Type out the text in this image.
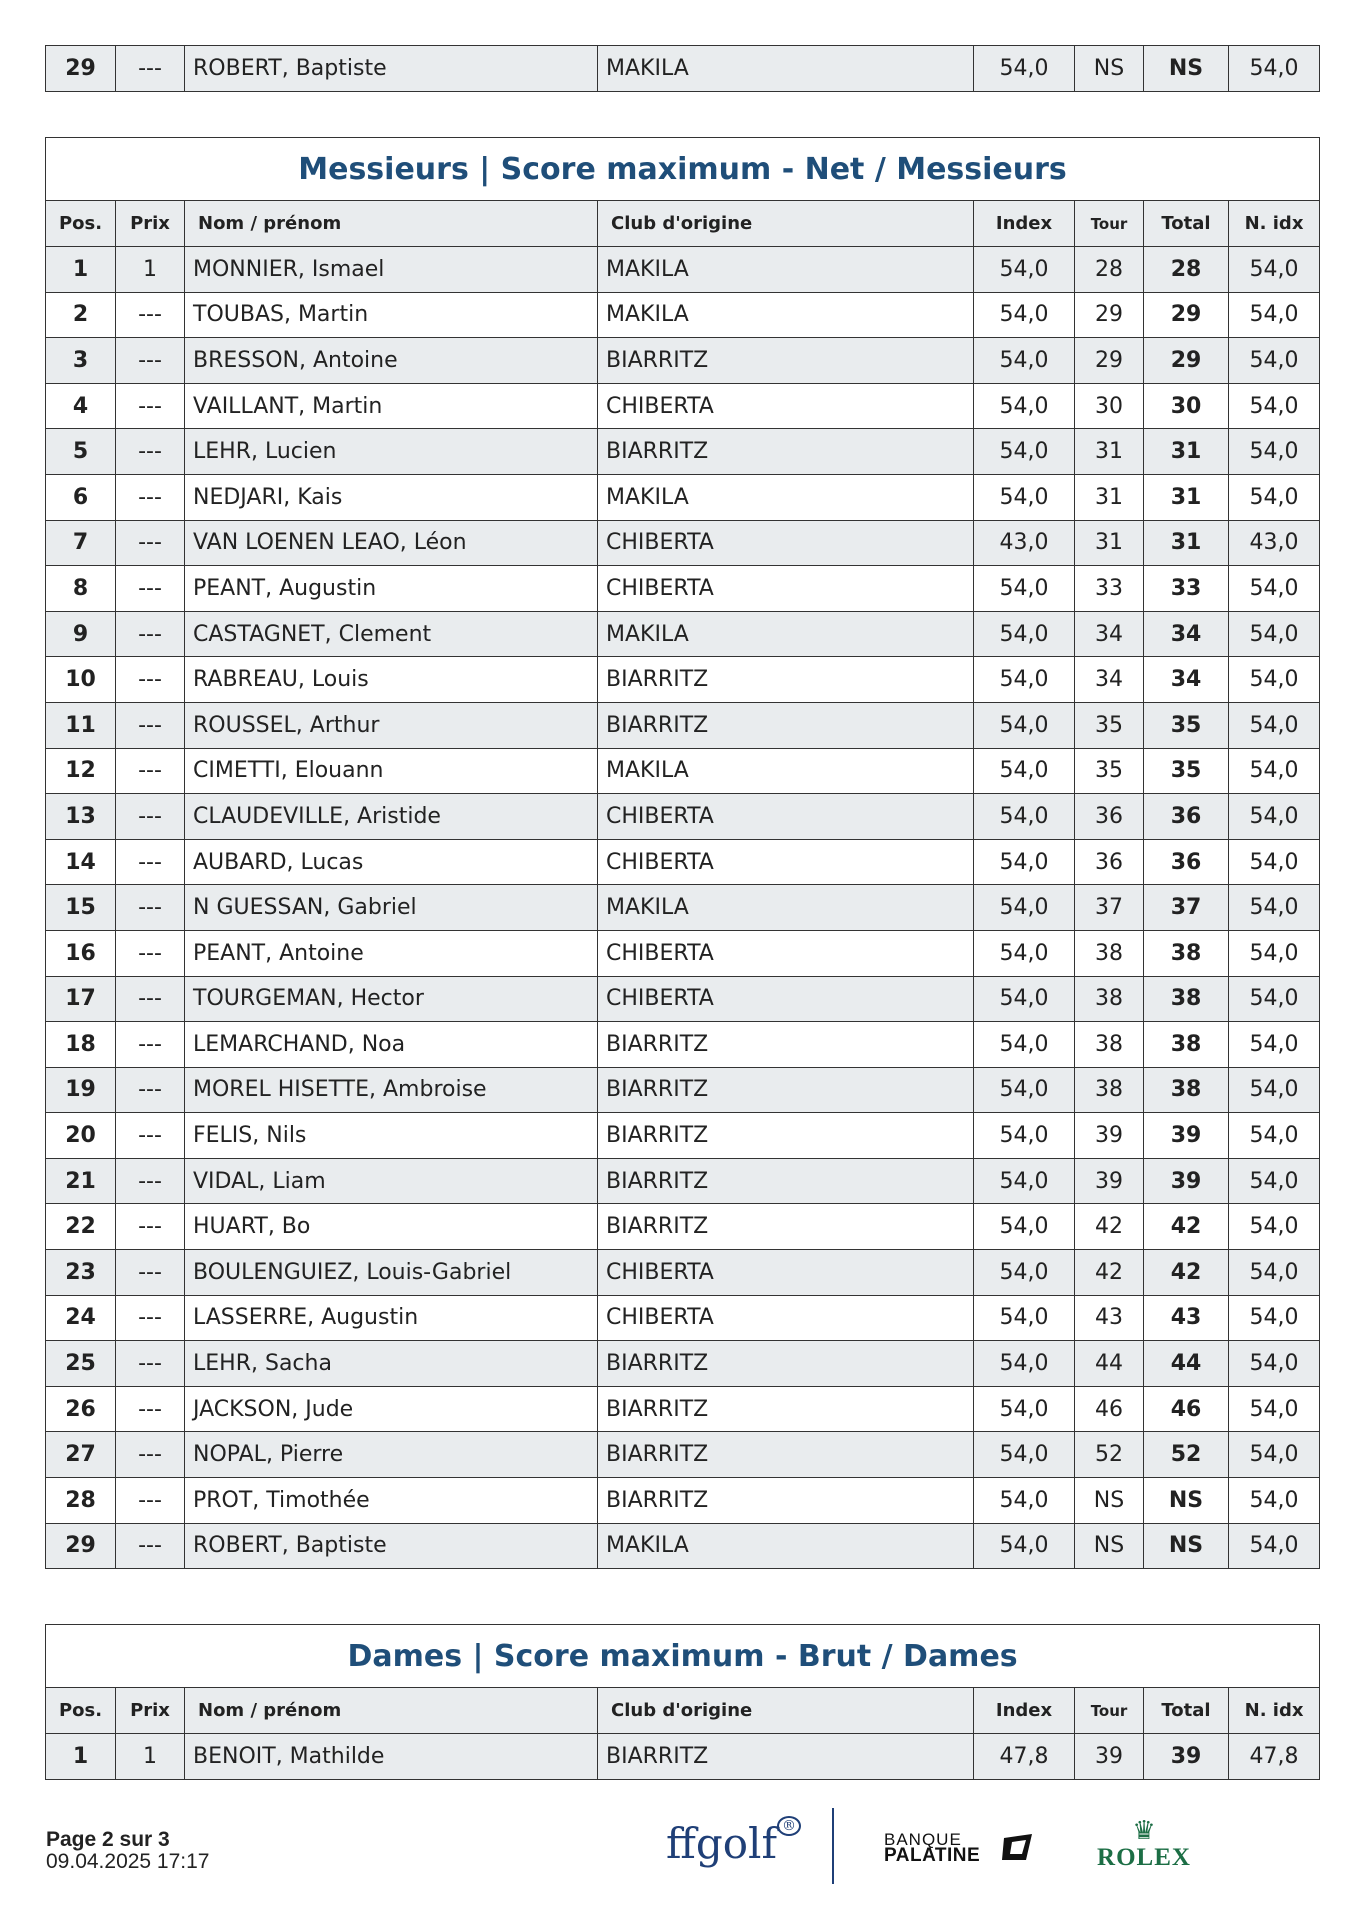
29	---	ROBERT, Baptiste	MAKILA	54,0	NS	NS	54,0
Messieurs | Score maximum - Net / Messieurs							
Pos.	Prix	Nom / prénom	Club d'origine	Index	Tour	Total	N. idx
1	1	MONNIER, Ismael	MAKILA	54,0	28	28	54,0
2	---	TOUBAS, Martin	MAKILA	54,0	29	29	54,0
3	---	BRESSON, Antoine	BIARRITZ	54,0	29	29	54,0
4	---	VAILLANT, Martin	CHIBERTA	54,0	30	30	54,0
5	---	LEHR, Lucien	BIARRITZ	54,0	31	31	54,0
6	---	NEDJARI, Kais	MAKILA	54,0	31	31	54,0
7	---	VAN LOENEN LEAO, Léon	CHIBERTA	43,0	31	31	43,0
8	---	PEANT, Augustin	CHIBERTA	54,0	33	33	54,0
9	---	CASTAGNET, Clement	MAKILA	54,0	34	34	54,0
10	---	RABREAU, Louis	BIARRITZ	54,0	34	34	54,0
11	---	ROUSSEL, Arthur	BIARRITZ	54,0	35	35	54,0
12	---	CIMETTI, Elouann	MAKILA	54,0	35	35	54,0
13	---	CLAUDEVILLE, Aristide	CHIBERTA	54,0	36	36	54,0
14	---	AUBARD, Lucas	CHIBERTA	54,0	36	36	54,0
15	---	N GUESSAN, Gabriel	MAKILA	54,0	37	37	54,0
16	---	PEANT, Antoine	CHIBERTA	54,0	38	38	54,0
17	---	TOURGEMAN, Hector	CHIBERTA	54,0	38	38	54,0
18	---	LEMARCHAND, Noa	BIARRITZ	54,0	38	38	54,0
19	---	MOREL HISETTE, Ambroise	BIARRITZ	54,0	38	38	54,0
20	---	FELIS, Nils	BIARRITZ	54,0	39	39	54,0
21	---	VIDAL, Liam	BIARRITZ	54,0	39	39	54,0
22	---	HUART, Bo	BIARRITZ	54,0	42	42	54,0
23	---	BOULENGUIEZ, Louis-Gabriel	CHIBERTA	54,0	42	42	54,0
24	---	LASSERRE, Augustin	CHIBERTA	54,0	43	43	54,0
25	---	LEHR, Sacha	BIARRITZ	54,0	44	44	54,0
26	---	JACKSON, Jude	BIARRITZ	54,0	46	46	54,0
27	---	NOPAL, Pierre	BIARRITZ	54,0	52	52	54,0
28	---	PROT, Timothée	BIARRITZ	54,0	NS	NS	54,0
29	---	ROBERT, Baptiste	MAKILA	54,0	NS	NS	54,0
Dames | Score maximum - Brut / Dames							
Pos.	Prix	Nom / prénom	Club d'origine	Index	Tour	Total	N. idx
1	1	BENOIT, Mathilde	BIARRITZ	47,8	39	39	47,8
Page 2 sur 3
09.04.2025 17:17	ffgolf ®
BANQUE
PALATINE
♛
ROLEX
